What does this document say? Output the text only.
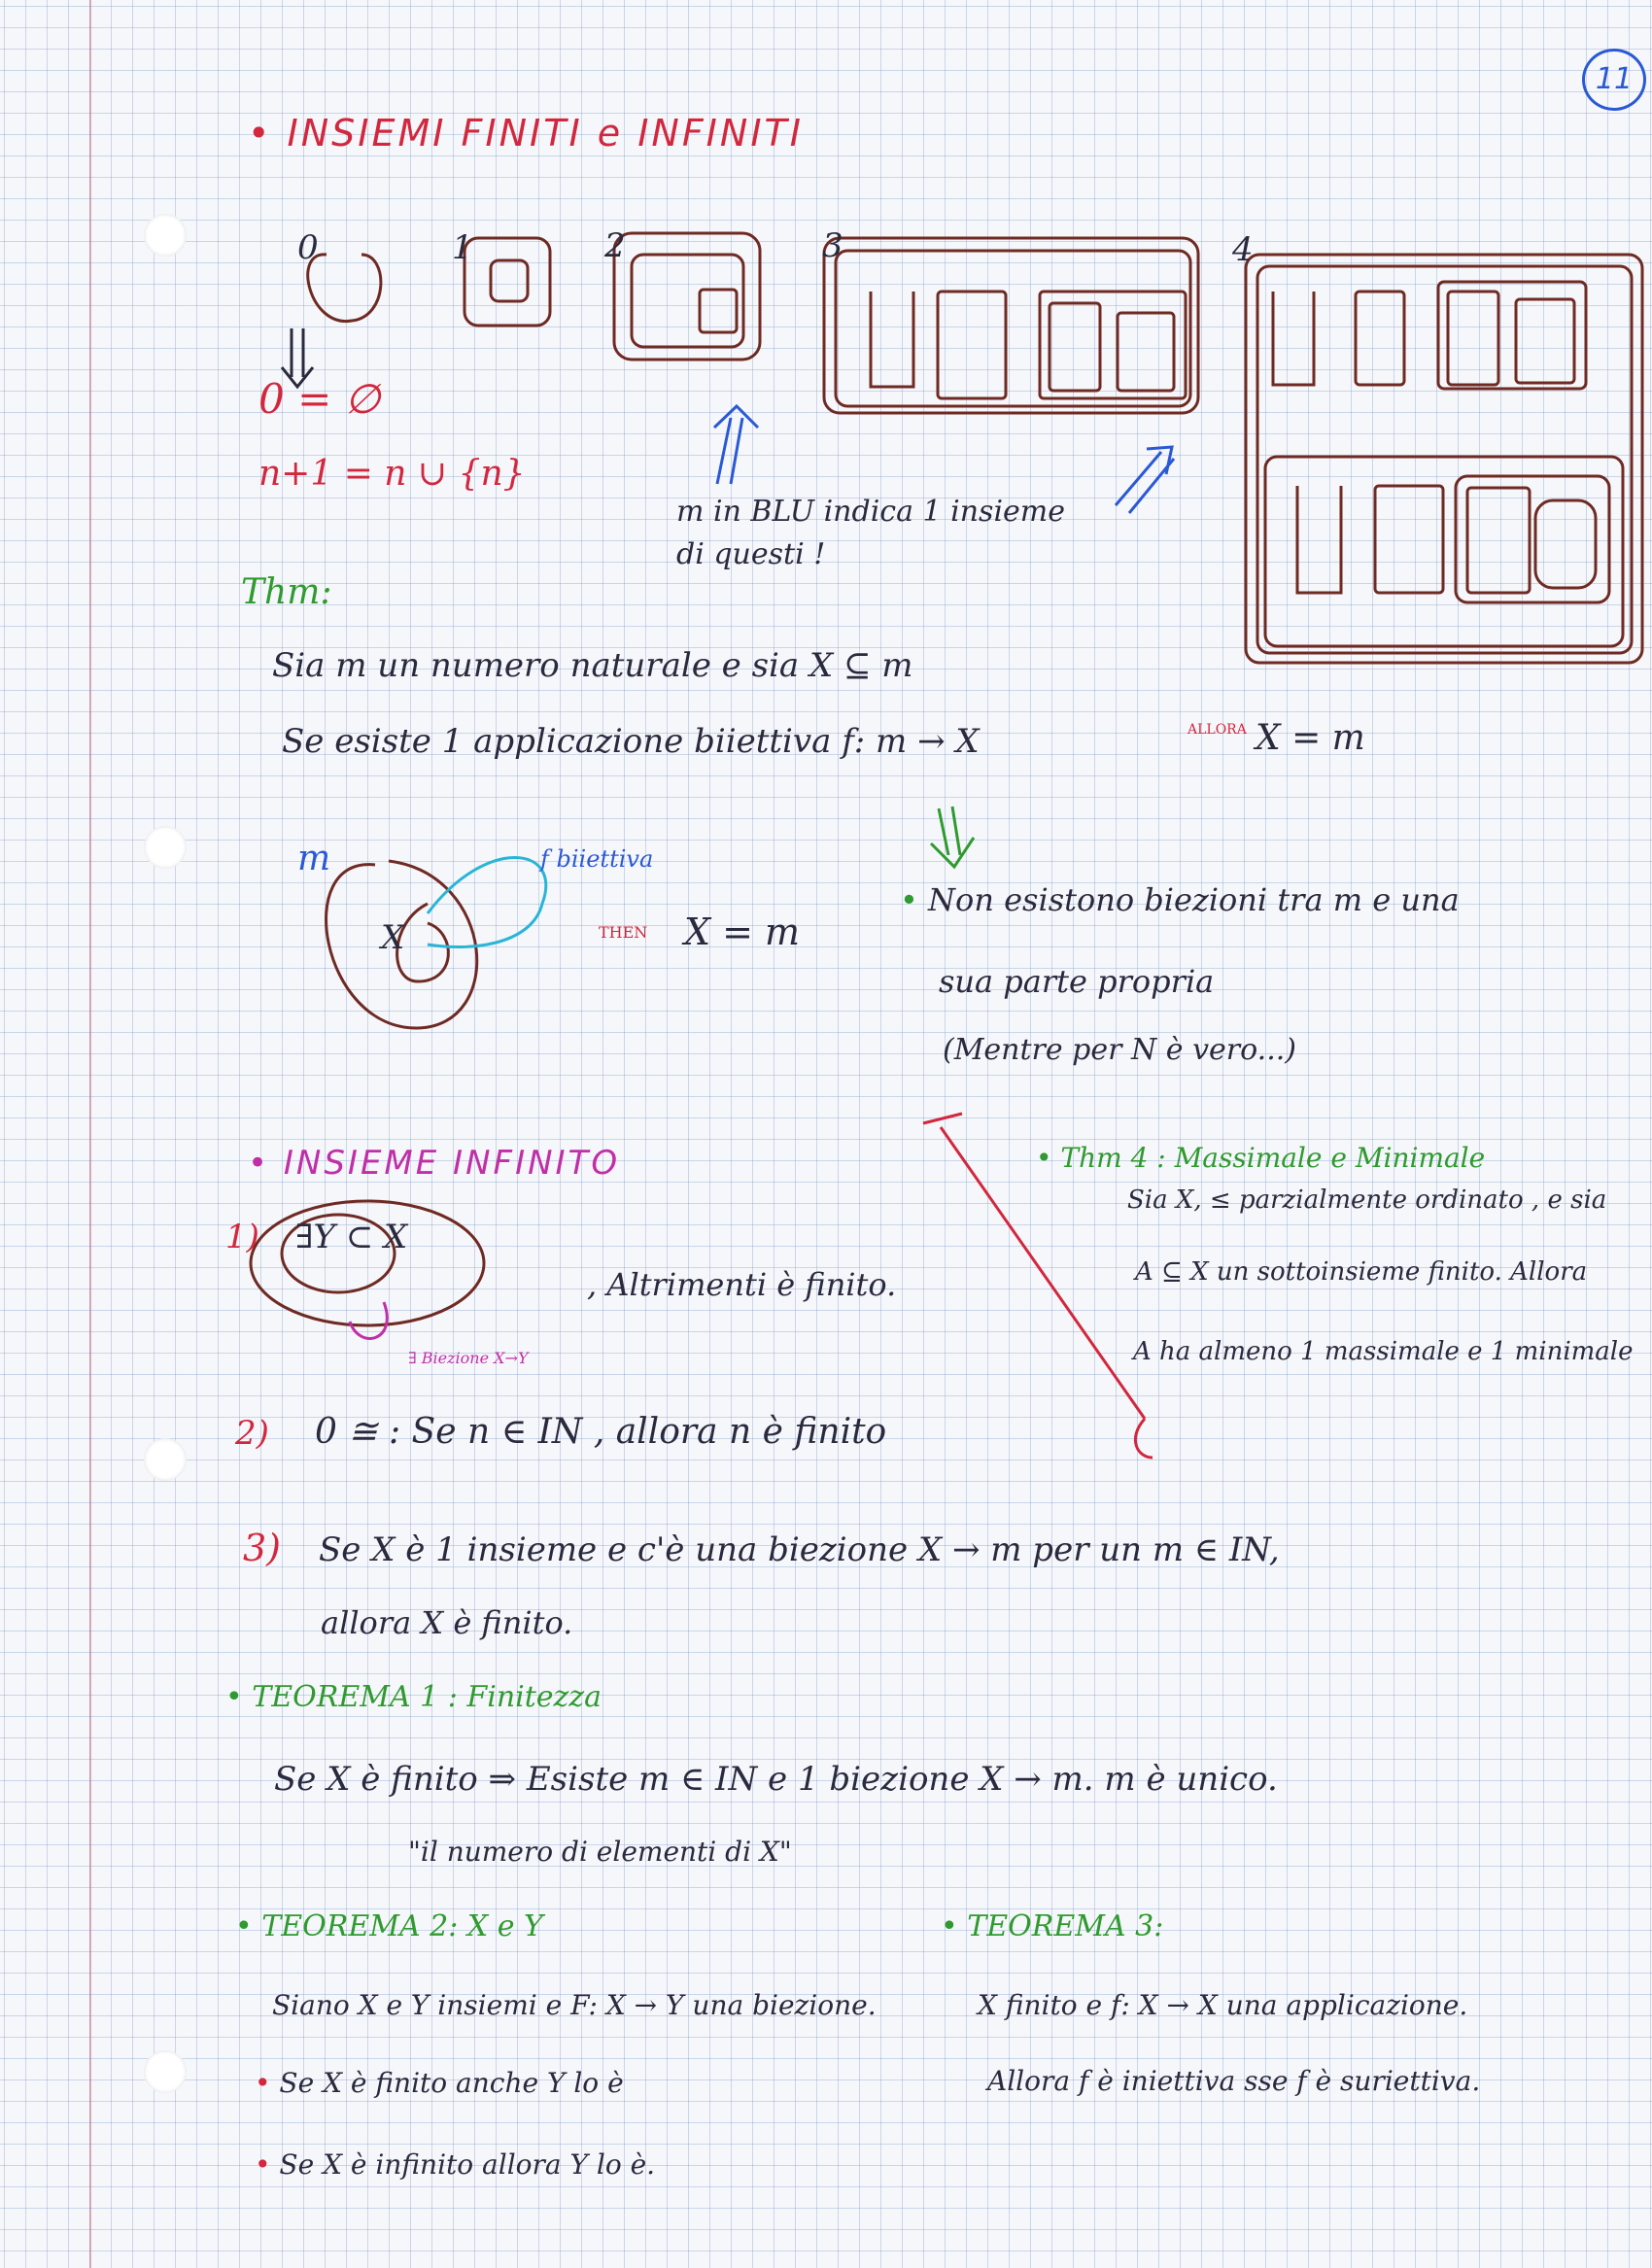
11
• INSIEMI FINITI e INFINITI
0	1	2	3	4
0 = ∅
n+1 = n ∪ {n}
m in BLU indica 1 insieme
di questi !
Thm:
Sia m un numero naturale e sia X ⊆ m
Se esiste 1 applicazione biiettiva f: m → X	ALLORA X = m
m
X
f biiettiva
THEN X = m
• Non esistono biezioni tra m e una
sua parte propria
(Mentre per N è vero...)
• INSIEME INFINITO
1) ∃Y ⊂ X
∃ Biezione X→Y
, Altrimenti è finito.
2) 0 ≅ : Se n ∈ IN , allora n è finito
3) Se X è 1 insieme e c'è una biezione X → m per un m ∈ IN,
allora X è finito.
• Thm 4 : Massimale e Minimale
Sia X, ≤ parzialmente ordinato , e sia
A ⊆ X un sottoinsieme finito. Allora
A ha almeno 1 massimale e 1 minimale
• TEOREMA 1 : Finitezza
Se X è finito ⇒ Esiste m ∈ IN e 1 biezione X → m. m è unico.
"il numero di elementi di X"
• TEOREMA 2: X e Y
Siano X e Y insiemi e F: X → Y una biezione.
• Se X è finito anche Y lo è
• Se X è infinito allora Y lo è.
• TEOREMA 3:
X finito e f: X → X una applicazione.
Allora f è iniettiva sse f è suriettiva.
